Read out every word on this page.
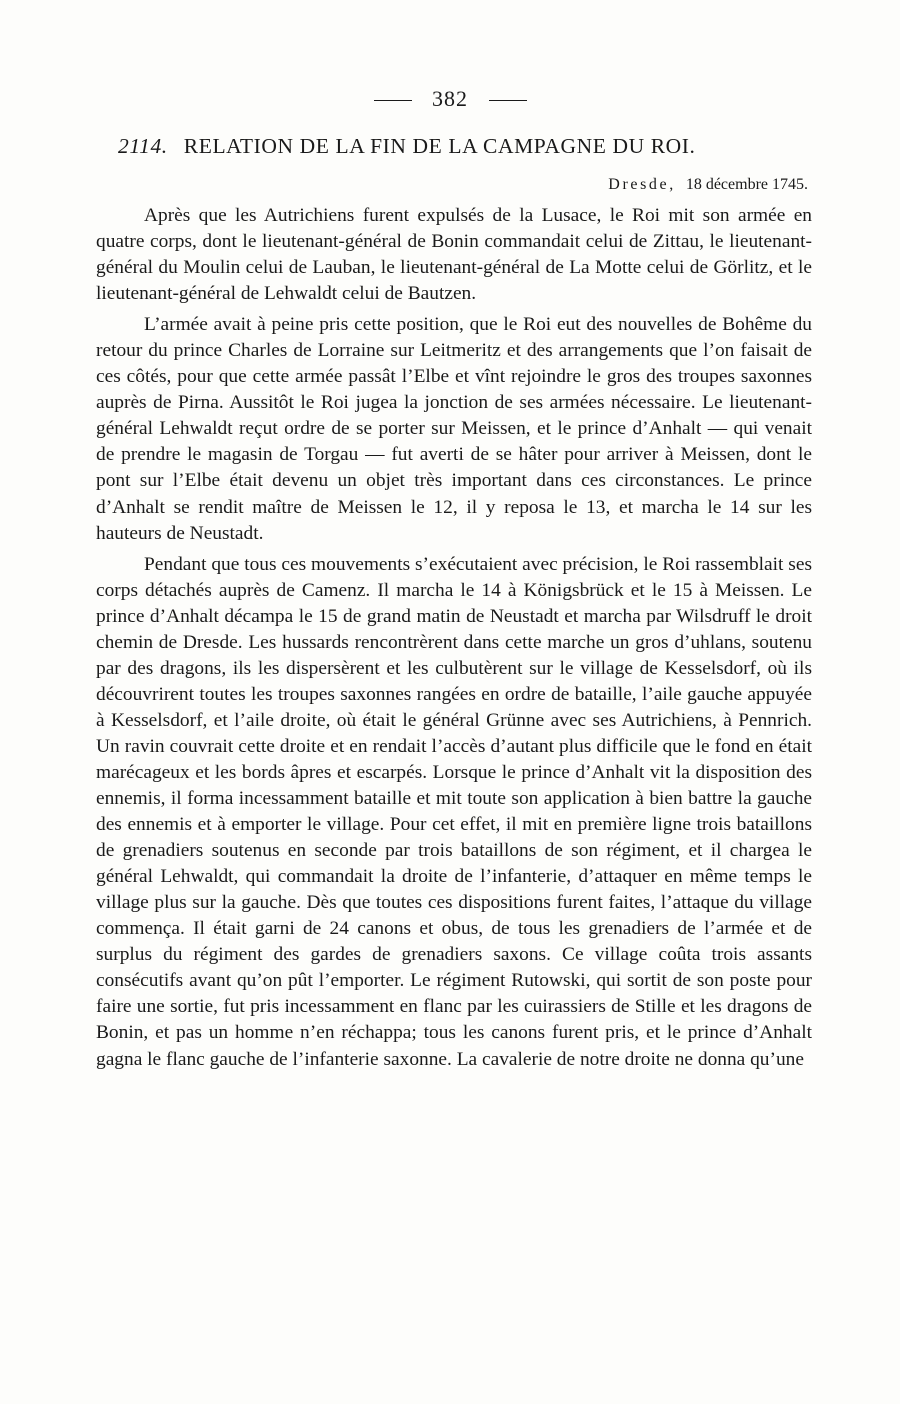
382
2114. RELATION DE LA FIN DE LA CAMPAGNE DU ROI.
Dresde, 18 décembre 1745.

Après que les Autrichiens furent expulsés de la Lusace, le Roi mit son armée en quatre corps, dont le lieutenant-général de Bonin commandait celui de Zittau, le lieutenant-général du Moulin celui de Lauban, le lieutenant-général de La Motte celui de Görlitz, et le lieutenant-général de Lehwaldt celui de Bautzen.

L’armée avait à peine pris cette position, que le Roi eut des nouvelles de Bohême du retour du prince Charles de Lorraine sur Leitmeritz et des arrangements que l’on faisait de ces côtés, pour que cette armée passât l’Elbe et vînt rejoindre le gros des troupes saxonnes auprès de Pirna. Aussitôt le Roi jugea la jonction de ses armées nécessaire. Le lieutenant-général Lehwaldt reçut ordre de se porter sur Meissen, et le prince d’Anhalt — qui venait de prendre le magasin de Torgau — fut averti de se hâter pour arriver à Meissen, dont le pont sur l’Elbe était devenu un objet très important dans ces circonstances. Le prince d’Anhalt se rendit maître de Meissen le 12, il y reposa le 13, et marcha le 14 sur les hauteurs de Neustadt.

Pendant que tous ces mouvements s’exécutaient avec précision, le Roi rassemblait ses corps détachés auprès de Camenz. Il marcha le 14 à Königsbrück et le 15 à Meissen. Le prince d’Anhalt décampa le 15 de grand matin de Neustadt et marcha par Wilsdruff le droit chemin de Dresde. Les hussards rencontrèrent dans cette marche un gros d’uhlans, soutenu par des dragons, ils les dispersèrent et les culbutèrent sur le village de Kesselsdorf, où ils découvrirent toutes les troupes saxonnes rangées en ordre de bataille, l’aile gauche appuyée à Kesselsdorf, et l’aile droite, où était le général Grünne avec ses Autrichiens, à Pennrich. Un ravin couvrait cette droite et en rendait l’accès d’autant plus difficile que le fond en était marécageux et les bords âpres et escarpés. Lorsque le prince d’Anhalt vit la disposition des ennemis, il forma incessamment bataille et mit toute son application à bien battre la gauche des ennemis et à emporter le village. Pour cet effet, il mit en première ligne trois bataillons de grenadiers soutenus en seconde par trois bataillons de son régiment, et il chargea le général Lehwaldt, qui commandait la droite de l’infanterie, d’attaquer en même temps le village plus sur la gauche. Dès que toutes ces dispositions furent faites, l’attaque du village commença. Il était garni de 24 canons et obus, de tous les grenadiers de l’armée et de surplus du régiment des gardes de grenadiers saxons. Ce village coûta trois assants consécutifs avant qu’on pût l’emporter. Le régiment Rutowski, qui sortit de son poste pour faire une sortie, fut pris incessamment en flanc par les cuirassiers de Stille et les dragons de Bonin, et pas un homme n’en réchappa; tous les canons furent pris, et le prince d’Anhalt gagna le flanc gauche de l’infanterie saxonne. La cavalerie de notre droite ne donna qu’une
